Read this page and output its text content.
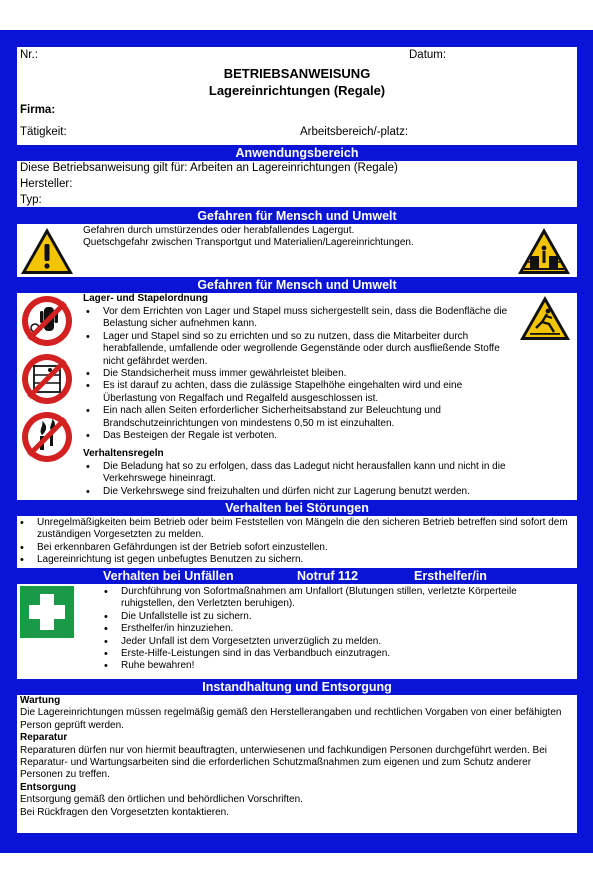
Nr.:	Datum:
BETRIEBSANWEISUNG
Lagereinrichtungen (Regale)
Firma:
Tätigkeit:	Arbeitsbereich/-platz:
Anwendungsbereich
Diese Betriebsanweisung gilt für: Arbeiten an Lagereinrichtungen (Regale)
Hersteller:
Typ:
Gefahren für Mensch und Umwelt
Gefahren durch umstürzendes oder herabfallendes Lagergut.
Quetschgefahr zwischen Transportgut und Materialien/Lagereinrichtungen.
Gefahren für Mensch und Umwelt
Lager- und Stapelordnung
• Vor dem Errichten von Lager und Stapel muss sichergestellt sein, dass die Bodenfläche die Belastung sicher aufnehmen kann.
• Lager und Stapel sind so zu errichten und so zu nutzen, dass die Mitarbeiter durch herabfallende, umfallende oder wegrollende Gegenstände oder durch ausfließende Stoffe nicht gefährdet werden.
• Die Standsicherheit muss immer gewährleistet bleiben.
• Es ist darauf zu achten, dass die zulässige Stapelhöhe eingehalten wird und eine Überlastung von Regalfach und Regalfeld ausgeschlossen ist.
• Ein nach allen Seiten erforderlicher Sicherheitsabstand zur Beleuchtung und Brandschutzeinrichtungen von mindestens 0,50 m ist einzuhalten.
• Das Besteigen der Regale ist verboten.
Verhaltensregeln
• Die Beladung hat so zu erfolgen, dass das Ladegut nicht herausfallen kann und nicht in die Verkehrswege hineinragt.
• Die Verkehrswege sind freizuhalten und dürfen nicht zur Lagerung benutzt werden.
Verhalten bei Störungen
• Unregelmäßigkeiten beim Betrieb oder beim Feststellen von Mängeln die den sicheren Betrieb betreffen sind sofort dem zuständigen Vorgesetzten zu melden.
• Bei erkennbaren Gefährdungen ist der Betrieb sofort einzustellen.
• Lagereinrichtung ist gegen unbefugtes Benutzen zu sichern.
Verhalten bei Unfällen	Notruf 112	Ersthelfer/in
• Durchführung von Sofortmaßnahmen am Unfallort (Blutungen stillen, verletzte Körperteile ruhigstellen, den Verletzten beruhigen).
• Die Unfallstelle ist zu sichern.
• Ersthelfer/in hinzuziehen.
• Jeder Unfall ist dem Vorgesetzten unverzüglich zu melden.
• Erste-Hilfe-Leistungen sind in das Verbandbuch einzutragen.
• Ruhe bewahren!
Instandhaltung und Entsorgung
Wartung
Die Lagereinrichtungen müssen regelmäßig gemäß den Herstellerangaben und rechtlichen Vorgaben von einer befähigten Person geprüft werden.
Reparatur
Reparaturen dürfen nur von hiermit beauftragten, unterwiesenen und fachkundigen Personen durchgeführt werden. Bei Reparatur- und Wartungsarbeiten sind die erforderlichen Schutzmaßnahmen zum eigenen und zum Schutz anderer Personen zu treffen.
Entsorgung
Entsorgung gemäß den örtlichen und behördlichen Vorschriften.
Bei Rückfragen den Vorgesetzten kontaktieren.
